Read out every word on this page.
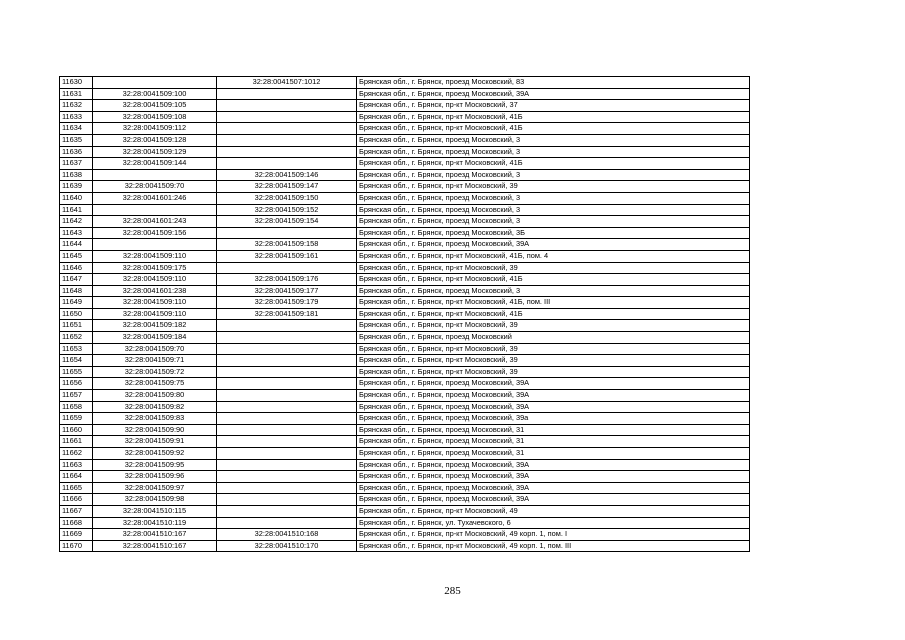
11630		32:28:0041507:1012	Брянская обл., г. Брянск, проезд Московский, 83
11631	32:28:0041509:100		Брянская обл., г. Брянск, проезд Московский, 39А
11632	32:28:0041509:105		Брянская обл., г. Брянск, пр-кт Московский, 37
11633	32:28:0041509:108		Брянская обл., г. Брянск, пр-кт Московский, 41Б
11634	32:28:0041509:112		Брянская обл., г. Брянск, пр-кт Московский, 41Б
11635	32:28:0041509:128		Брянская обл., г. Брянск, проезд Московский, 3
11636	32:28:0041509:129		Брянская обл., г. Брянск, проезд Московский, 3
11637	32:28:0041509:144		Брянская обл., г. Брянск, пр-кт Московский, 41Б
11638		32:28:0041509:146	Брянская обл., г. Брянск, проезд Московский, 3
11639	32:28:0041509:70	32:28:0041509:147	Брянская обл., г. Брянск, пр-кт Московский, 39
11640	32:28:0041601:246	32:28:0041509:150	Брянская обл., г. Брянск, проезд Московский, 3
11641		32:28:0041509:152	Брянская обл., г. Брянск, проезд Московский, 3
11642	32:28:0041601:243	32:28:0041509:154	Брянская обл., г. Брянск, проезд Московский, 3
11643	32:28:0041509:156		Брянская обл., г. Брянск, проезд Московский, 3Б
11644		32:28:0041509:158	Брянская обл., г. Брянск, проезд Московский, 39А
11645	32:28:0041509:110	32:28:0041509:161	Брянская обл., г. Брянск, пр-кт Московский, 41Б, пом. 4
11646	32:28:0041509:175		Брянская обл., г. Брянск, пр-кт Московский, 39
11647	32:28:0041509:110	32:28:0041509:176	Брянская обл., г. Брянск, пр-кт Московский, 41Б
11648	32:28:0041601:238	32:28:0041509:177	Брянская обл., г. Брянск, проезд Московский, 3
11649	32:28:0041509:110	32:28:0041509:179	Брянская обл., г. Брянск, пр-кт Московский, 41Б, пом. III
11650	32:28:0041509:110	32:28:0041509:181	Брянская обл., г. Брянск, пр-кт Московский, 41Б
11651	32:28:0041509:182		Брянская обл., г. Брянск, пр-кт Московский, 39
11652	32:28:0041509:184		Брянская обл., г. Брянск, проезд Московский
11653	32:28:0041509:70		Брянская обл., г. Брянск, пр-кт Московский, 39
11654	32:28:0041509:71		Брянская обл., г. Брянск, пр-кт Московский, 39
11655	32:28:0041509:72		Брянская обл., г. Брянск, пр-кт Московский, 39
11656	32:28:0041509:75		Брянская обл., г. Брянск, проезд Московский, 39А
11657	32:28:0041509:80		Брянская обл., г. Брянск, проезд Московский, 39А
11658	32:28:0041509:82		Брянская обл., г. Брянск, проезд Московский, 39А
11659	32:28:0041509:83		Брянская обл., г. Брянск, проезд Московский, 39а
11660	32:28:0041509:90		Брянская обл., г. Брянск, проезд Московский, 31
11661	32:28:0041509:91		Брянская обл., г. Брянск, проезд Московский, 31
11662	32:28:0041509:92		Брянская обл., г. Брянск, проезд Московский, 31
11663	32:28:0041509:95		Брянская обл., г. Брянск, проезд Московский, 39А
11664	32:28:0041509:96		Брянская обл., г. Брянск, проезд Московский, 39А
11665	32:28:0041509:97		Брянская обл., г. Брянск, проезд Московский, 39А
11666	32:28:0041509:98		Брянская обл., г. Брянск, проезд Московский, 39А
11667	32:28:0041510:115		Брянская обл., г. Брянск, пр-кт Московский, 49
11668	32:28:0041510:119		Брянская обл., г. Брянск, ул. Тухачевского, 6
11669	32:28:0041510:167	32:28:0041510:168	Брянская обл., г. Брянск, пр-кт Московский, 49 корп. 1, пом. I
11670	32:28:0041510:167	32:28:0041510:170	Брянская обл., г. Брянск, пр-кт Московский, 49 корп. 1, пом. III
285
